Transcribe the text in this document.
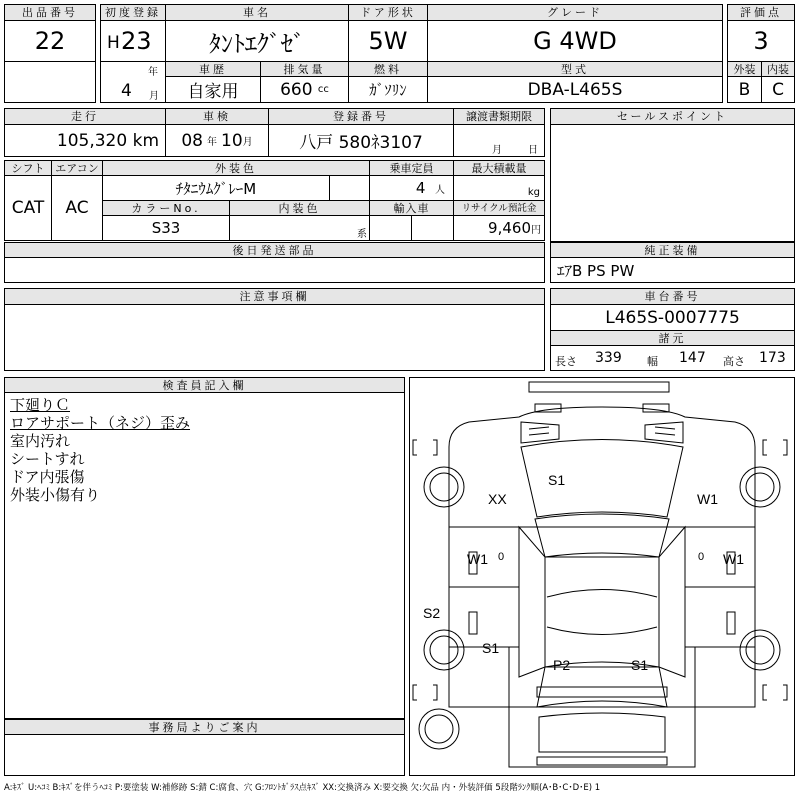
出品番号
22
初度登録
H 23
年
4 月
車名
ﾀﾝﾄｴｸﾞｾﾞ
ドア形状
5W
グレード
G 4WD
評価点
3
車歴
自家用
排気量
660
cc
燃料
ｶﾞｿﾘﾝ
型式
DBA-L465S
外装
B
内装
C
走行
105,320
km
車検
08 年 10 月
登録番号
八戸 580ﾈ3107
譲渡書類期限
月	日
セールスポイント
シフト
CAT
エアコン
AC
外装色
ﾁﾀﾆｳﾑｸﾞﾚｰM
乗車定員
4
人
最大積載量
kg
カラーNo.
S33
内装色
系
輸入車	リサイクル預託金
9,460 円
後日発送部品	純正装備
ｴｱB PS PW
注意事項欄	車台番号
L465S-0007775
諸元
長さ 339 幅 147 高さ 173
検査員記入欄
下廻りＣ
ロアサポート（ネジ）歪み
室内汚れ
シートすれ
ドア内張傷
外装小傷有り
事務局よりご案内
S1
XX	W1
W1 0	0 W1
S2
S1
P2	S1
A:ｷｽﾞ U:ﾍｺﾐ B:ｷｽﾞを伴うﾍｺﾐ P:要塗装 W:補修跡 S:錆 C:腐食、穴 G:ﾌﾛﾝﾄｶﾞﾗｽ点ｷｽﾞ XX:交換済み X:要交換 欠:欠品 内・外装評価 5段階ﾗﾝｸ順(A･B･C･D･E) 1
